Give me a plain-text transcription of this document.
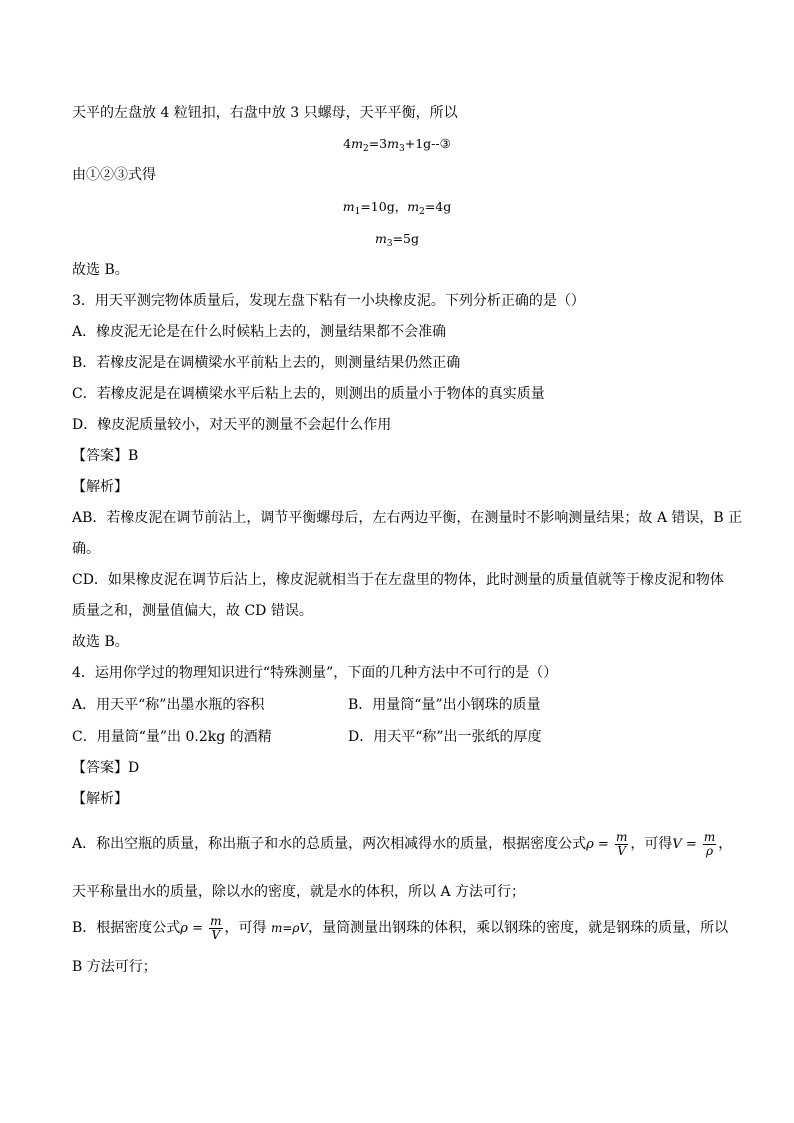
天平的左盘放 4 粒钮扣，右盘中放 3 只螺母，天平平衡，所以
$4m_2=3m_3+1g--③$
由①②③式得
$m_1=10g$，$m_2=4g$
$m_3=5g$
故选 B。
3．用天平测完物体质量后，发现左盘下粘有一小块橡皮泥。下列分析正确的是（）
A．橡皮泥无论是在什么时候粘上去的，测量结果都不会准确
B．若橡皮泥是在调横梁水平前粘上去的，则测量结果仍然正确
C．若橡皮泥是在调横梁水平后粘上去的，则测出的质量小于物体的真实质量
D．橡皮泥质量较小，对天平的测量不会起什么作用
【答案】B
【解析】
AB．若橡皮泥在调节前沾上，调节平衡螺母后，左右两边平衡，在测量时不影响测量结果；故 A 错误，B 正
确。
CD．如果橡皮泥在调节后沾上，橡皮泥就相当于在左盘里的物体，此时测量的质量值就等于橡皮泥和物体
质量之和，测量值偏大，故 CD 错误。
故选 B。
4．运用你学过的物理知识进行“特殊测量”，下面的几种方法中不可行的是（）
A．用天平“称”出墨水瓶的容积	B．用量筒“量”出小钢珠的质量
C．用量筒“量”出 0.2kg 的酒精	D．用天平“称”出一张纸的厚度
【答案】D
【解析】
A．称出空瓶的质量，称出瓶子和水的总质量，两次相减得水的质量，根据密度公式$\rho = \frac{m}{V}$ ，可得$V = \frac{m}{\rho}$ ，
天平称量出水的质量，除以水的密度，就是水的体积，所以 A 方法可行；
B．根据密度公式$\rho = \frac{m}{V}$ ，可得 m=ρV，量筒测量出钢珠的体积，乘以钢珠的密度，就是钢珠的质量，所以
B 方法可行；
